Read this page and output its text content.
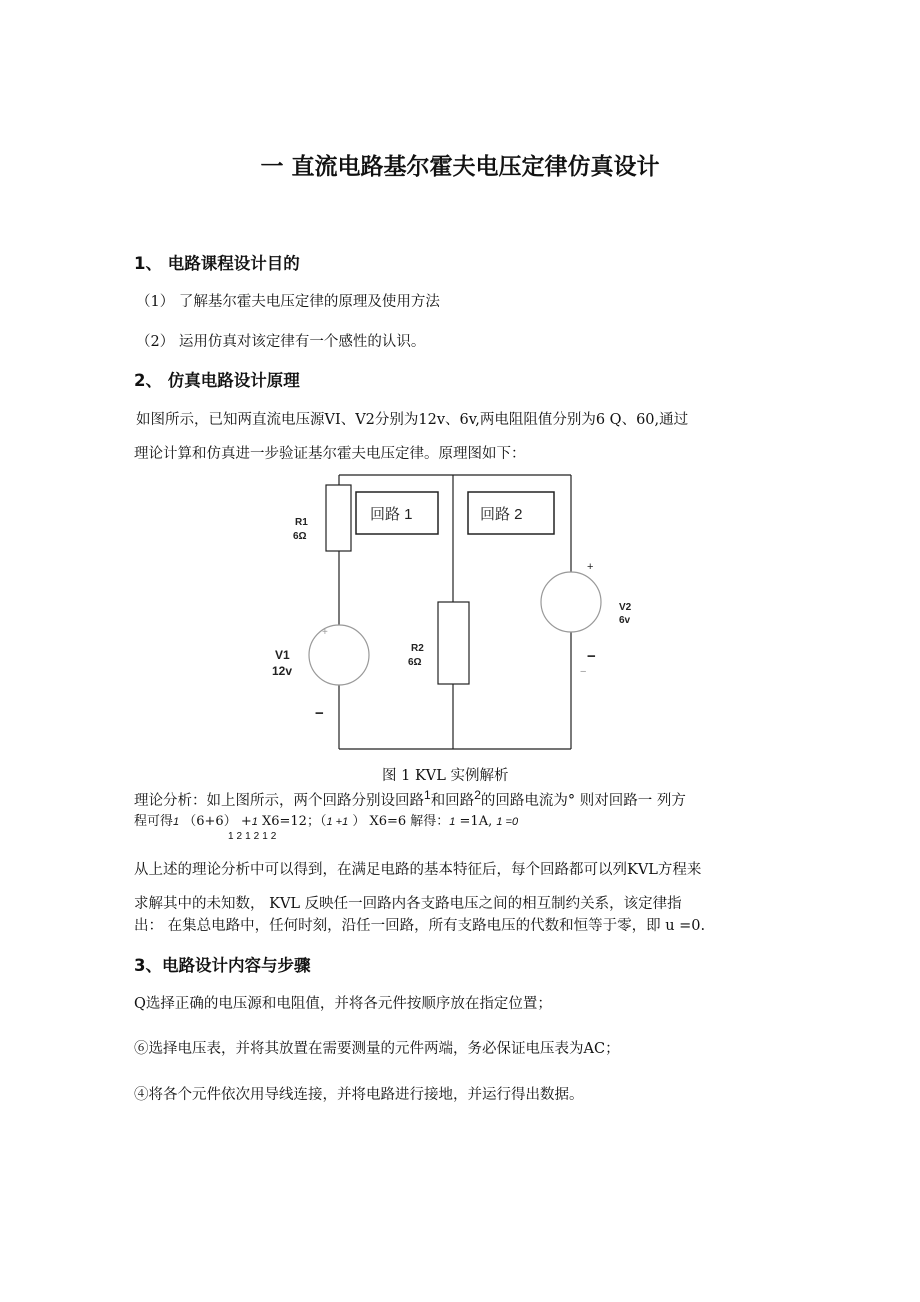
一 直流电路基尔霍夫电压定律仿真设计
1、 电路课程设计目的
（1） 了解基尔霍夫电压定律的原理及使用方法
（2） 运用仿真对该定律有一个感性的认识。
2、 仿真电路设计原理
如图所示，已知两直流电压源VI、V2分别为12v、6v,两电阻阻值分别为6 Q、60,通过
理论计算和仿真进一步验证基尔霍夫电压定律。原理图如下：
回路 1	回路 2
R1
6Ω
R2
6Ω
V1
12v
V2
6v
+
−
+
−
−
图 1 KVL 实例解析
理论分析：如上图所示，两个回路分别设回路$^1$和回路$^2$的回路电流为° 则对回路一 列方
程可得1 （6+6） +1 X6=12；（1 +1 ） X6=6 解得：1 =1A, 1 =0
121212
从上述的理论分析中可以得到，在满足电路的基本特征后，每个回路都可以列KVL方程来
求解其中的未知数， KVL 反映任一回路内各支路电压之间的相互制约关系，该定律指
出： 在集总电路中，任何时刻，沿任一回路，所有支路电压的代数和恒等于零，即 u =0.
3、电路设计内容与步骤
Q选择正确的电压源和电阻值，并将各元件按顺序放在指定位置；
⑥选择电压表，并将其放置在需要测量的元件两端，务必保证电压表为AC；
④将各个元件依次用导线连接，并将电路进行接地，并运行得出数据。
